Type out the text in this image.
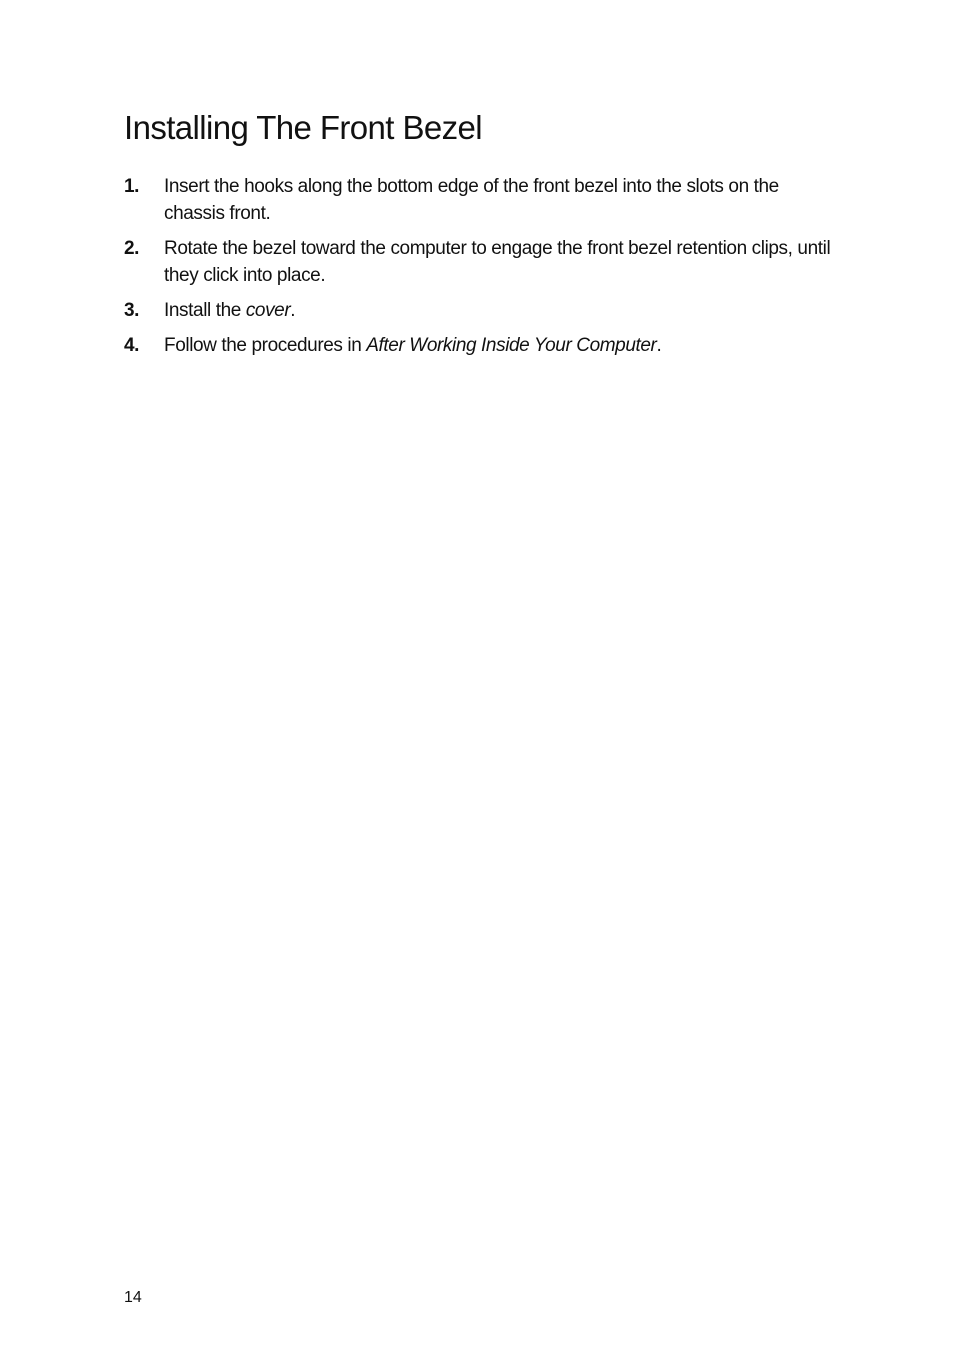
Installing The Front Bezel
1.	Insert the hooks along the bottom edge of the front bezel into the slots on the chassis front.
2.	Rotate the bezel toward the computer to engage the front bezel retention clips, until they click into place.
3.	Install the cover.
4.	Follow the procedures in After Working Inside Your Computer.
14
